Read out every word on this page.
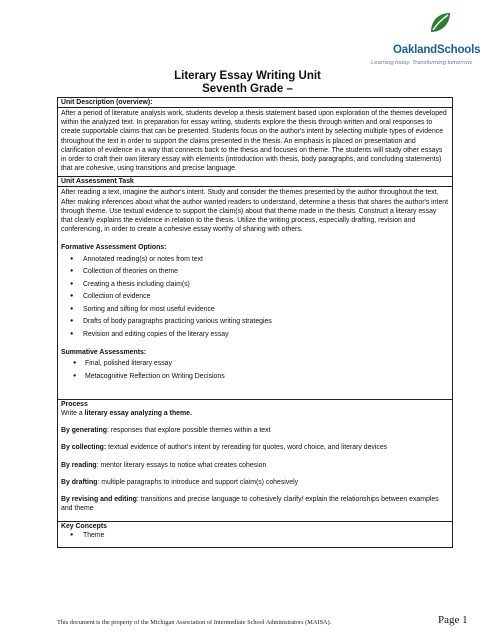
OaklandSchools
Learning today. Transforming tomorrow.
Literary Essay Writing Unit
Seventh Grade –
Unit Description (overview):

After a period of literature analysis work, students develop a thesis statement based upon exploration of the themes developed within the analyzed text. In preparation for essay writing, students explore the thesis through written and oral responses to create supportable claims that can be presented. Students focus on the author's intent by selecting multiple types of evidence throughout the text in order to support the claims presented in the thesis. An emphasis is placed on presentation and clarification of evidence in a way that connects back to the thesis and focuses on theme. The students will study other essays in order to craft their own literary essay with elements (introduction with thesis, body paragraphs, and concluding statements) that are cohesive, using transitions and precise language.

Unit Assessment Task

After reading a text, imagine the author's intent. Study and consider the themes presented by the author throughout the text. After making inferences about what the author wanted readers to understand, determine a thesis that shares the author's intent through theme. Use textual evidence to support the claim(s) about that theme made in the thesis. Construct a literary essay that clearly explains the evidence in relation to the thesis. Utilize the writing process, especially drafting, revision and conferencing, in order to create a cohesive essay worthy of sharing with others.

Formative Assessment Options:

● Annotated reading(s) or notes from text
● Collection of theories on theme
● Creating a thesis including claim(s)
● Collection of evidence
● Sorting and sifting for most useful evidence
● Drafts of body paragraphs practicing various writing strategies
● Revision and editing copies of the literary essay

Summative Assessments:

● Final, polished literary essay
● Metacognitive Reflection on Writing Decisions
Process

Write a literary essay analyzing a theme.

By generating: responses that explore possible themes within a text

By collecting: textual evidence of author's intent by rereading for quotes, word choice, and literary devices

By reading: mentor literary essays to notice what creates cohesion

By drafting: multiple paragraphs to introduce and support claim(s) cohesively

By revising and editing: transitions and precise language to cohesively clarify/ explain the relationships between examples and theme

Key Concepts
● Theme
This document is the property of the Michigan Association of Intermediate School Administrators (MAISA).	Page 1
